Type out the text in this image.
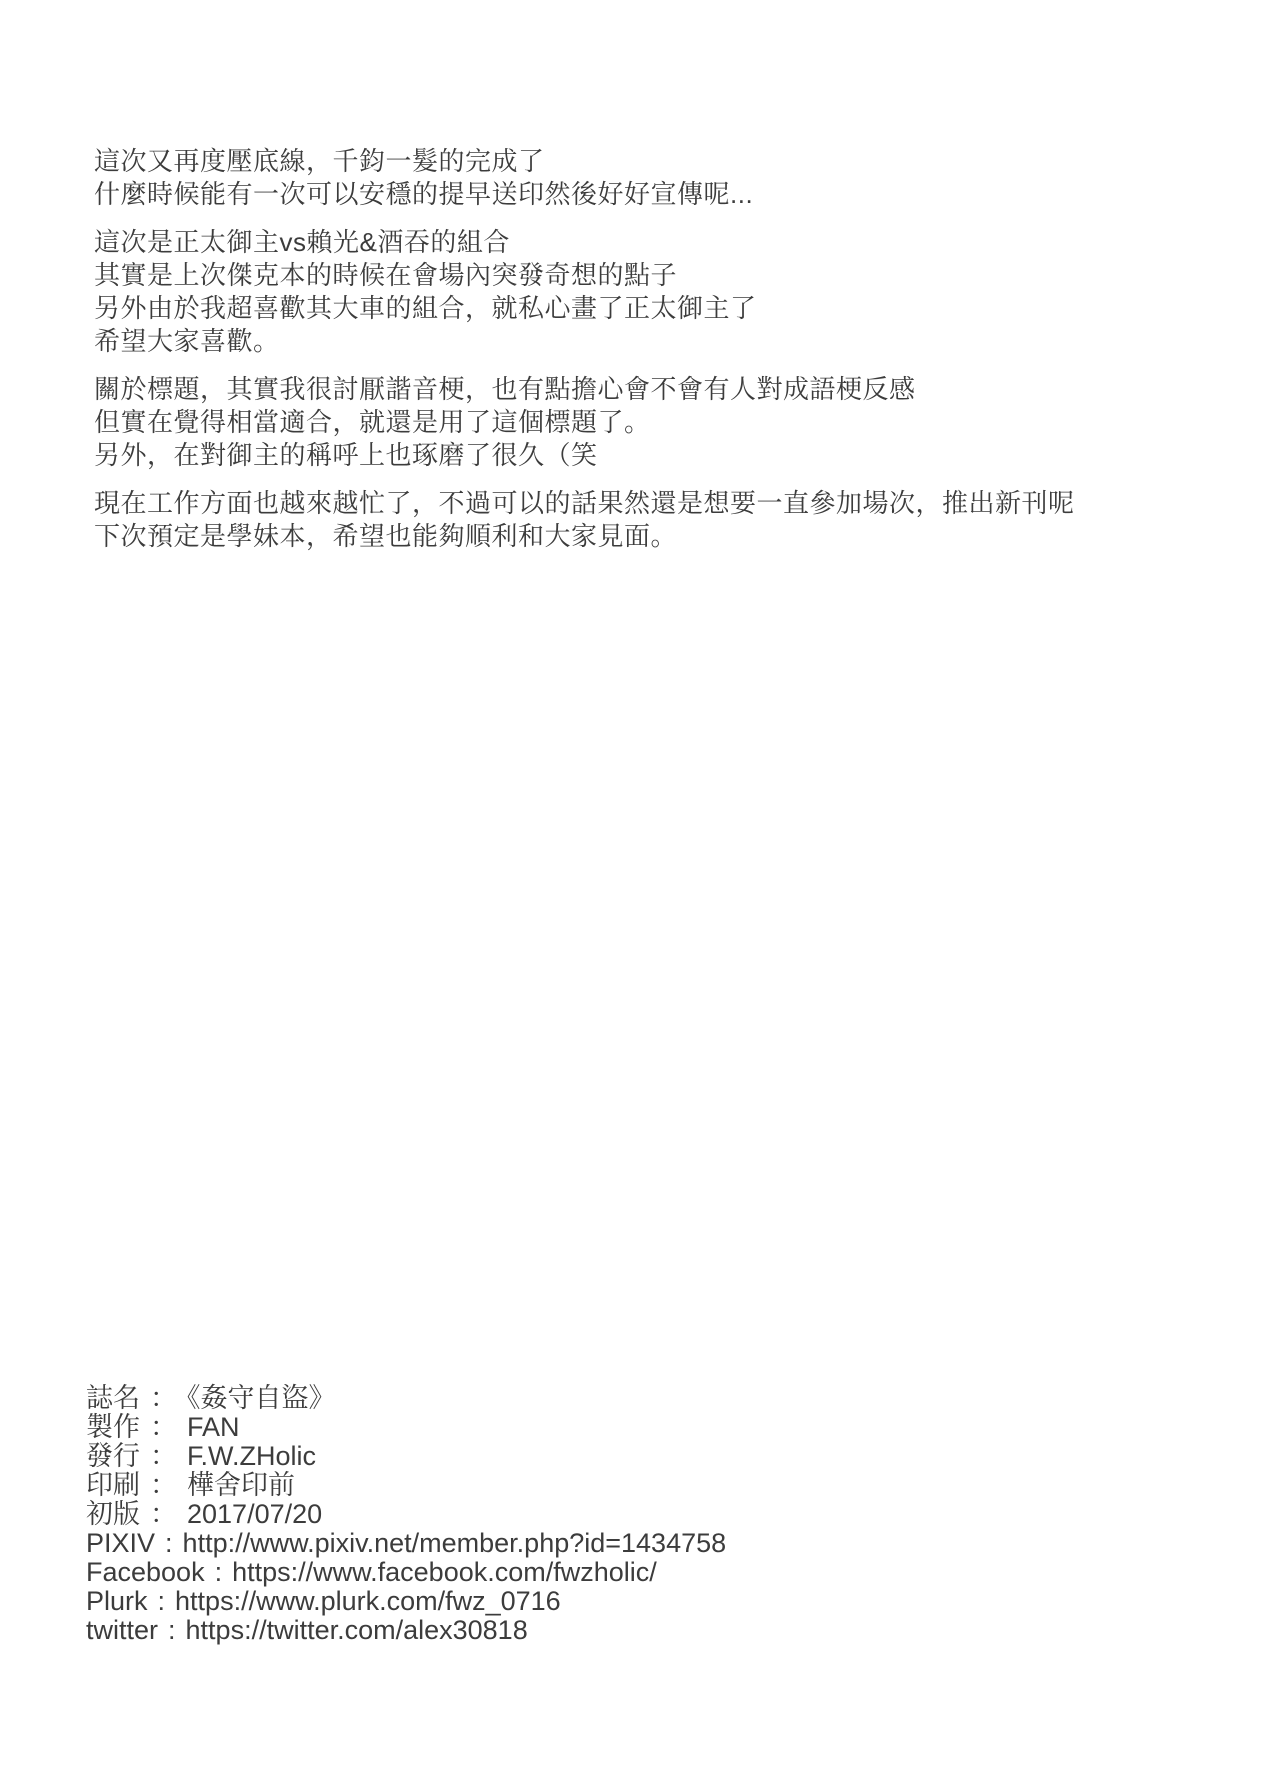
這次又再度壓底線，千鈞一髮的完成了
什麼時候能有一次可以安穩的提早送印然後好好宣傳呢...
這次是正太御主vs賴光&酒吞的組合
其實是上次傑克本的時候在會場內突發奇想的點子
另外由於我超喜歡其大車的組合，就私心畫了正太御主了
希望大家喜歡。
關於標題，其實我很討厭諧音梗，也有點擔心會不會有人對成語梗反感
但實在覺得相當適合，就還是用了這個標題了。
另外，在對御主的稱呼上也琢磨了很久（笑
現在工作方面也越來越忙了，不過可以的話果然還是想要一直參加場次，推出新刊呢
下次預定是學妹本，希望也能夠順利和大家見面。
誌名 ： 《姦守自盜》
製作 ： FAN
發行 ： F.W.ZHolic
印刷 ： 樺舍印前
初版 ： 2017/07/20
PIXIV : http://www.pixiv.net/member.php?id=1434758
Facebook : https://www.facebook.com/fwzholic/
Plurk : https://www.plurk.com/fwz_0716
twitter : https://twitter.com/alex30818
